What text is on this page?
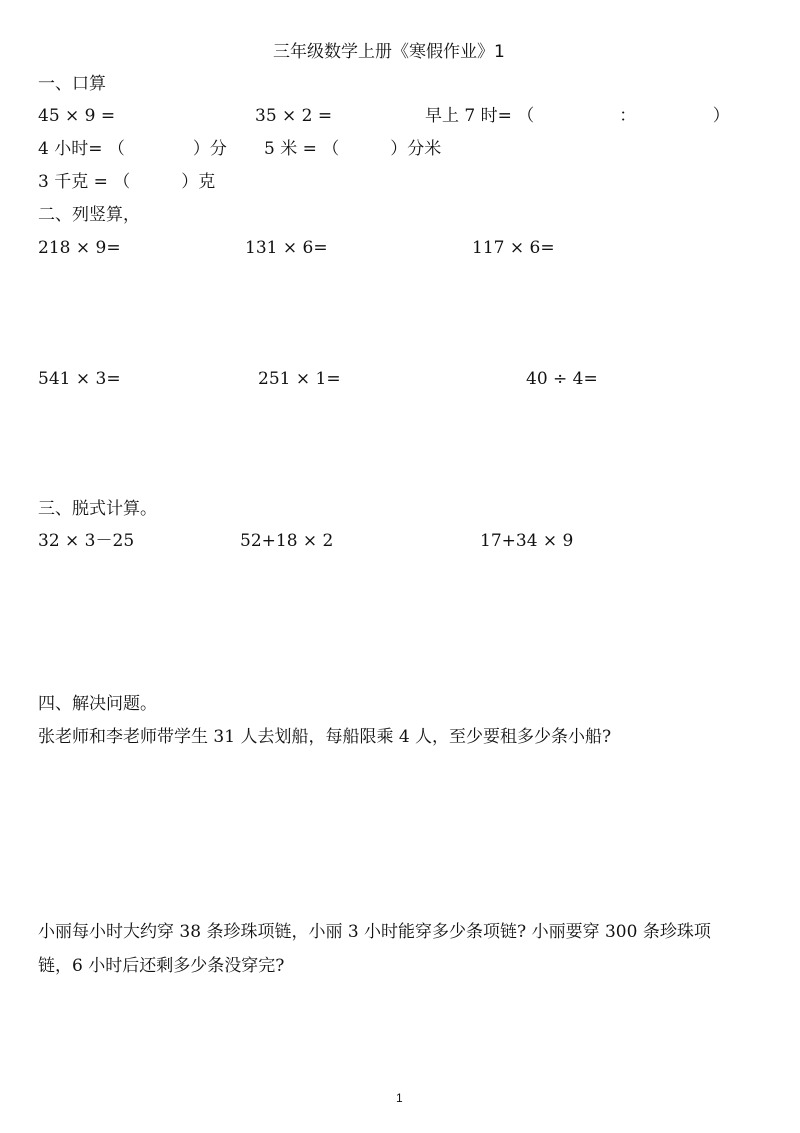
三年级数学上册《寒假作业》1
一、口算
45 × 9 =	35 × 2 =	早上 7 时= （　　　　　：　　　　　）
4 小时= （　　　　）分 5 米 = （　　　）分米
3 千克 = （　　　）克
二、列竖算，
218 × 9=	131 × 6=	117 × 6=
541 × 3=	251 × 1=	40 ÷ 4=
三、脱式计算。
32 × 3－25	52+18 × 2	17+34 × 9
四、解决问题。
张老师和李老师带学生 31 人去划船，每船限乘 4 人，至少要租多少条小船?
小丽每小时大约穿 38 条珍珠项链，小丽 3 小时能穿多少条项链? 小丽要穿 300 条珍珠项
链，6 小时后还剩多少条没穿完?
1
